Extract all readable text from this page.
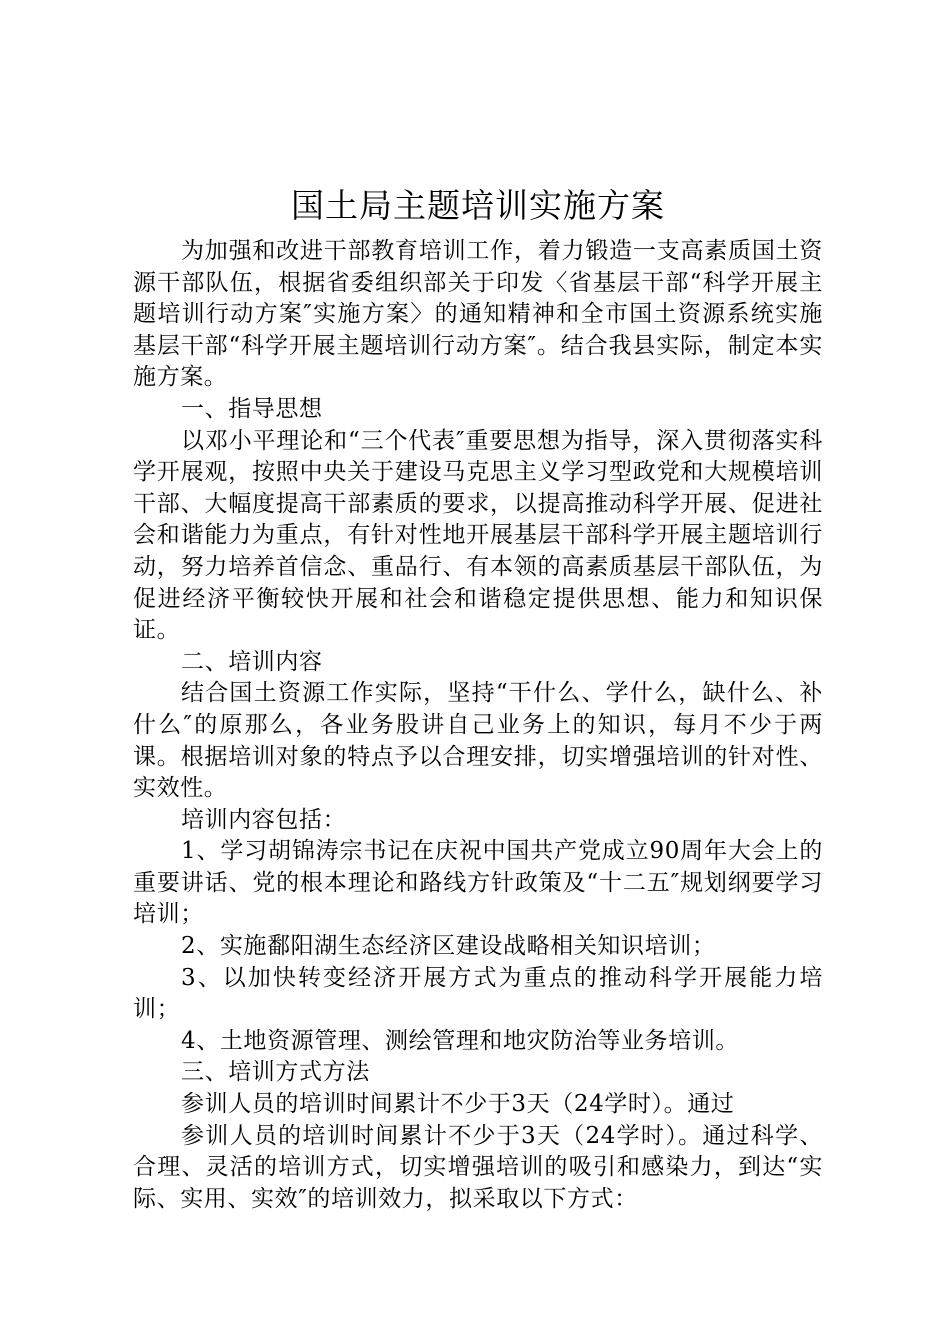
国土局主题培训实施方案

为加强和改进干部教育培训工作，着力锻造一支高素质国土资源干部队伍，根据省委组织部关于印发〈省基层干部“科学开展主题培训行动方案″实施方案〉的通知精神和全市国土资源系统实施基层干部“科学开展主题培训行动方案″。结合我县实际，制定本实施方案。

一、指导思想

以邓小平理论和“三个代表″重要思想为指导，深入贯彻落实科学开展观，按照中央关于建设马克思主义学习型政党和大规模培训干部、大幅度提高干部素质的要求，以提高推动科学开展、促进社会和谐能力为重点，有针对性地开展基层干部科学开展主题培训行动，努力培养首信念、重品行、有本领的高素质基层干部队伍，为促进经济平衡较快开展和社会和谐稳定提供思想、能力和知识保证。

二、培训内容

结合国土资源工作实际，坚持“干什么、学什么，缺什么、补什么″的原那么，各业务股讲自己业务上的知识，每月不少于两课。根据培训对象的特点予以合理安排，切实增强培训的针对性、实效性。

培训内容包括：

1、学习胡锦涛宗书记在庆祝中国共产党成立90周年大会上的重要讲话、党的根本理论和路线方针政策及“十二五″规划纲要学习培训；

2、实施鄱阳湖生态经济区建设战略相关知识培训；

3、以加快转变经济开展方式为重点的推动科学开展能力培训；

4、土地资源管理、测绘管理和地灾防治等业务培训。

三、培训方式方法

参训人员的培训时间累计不少于3天（24学时）。通过

参训人员的培训时间累计不少于3天（24学时）。通过科学、合理、灵活的培训方式，切实增强培训的吸引和感染力，到达“实际、实用、实效″的培训效力，拟采取以下方式：
